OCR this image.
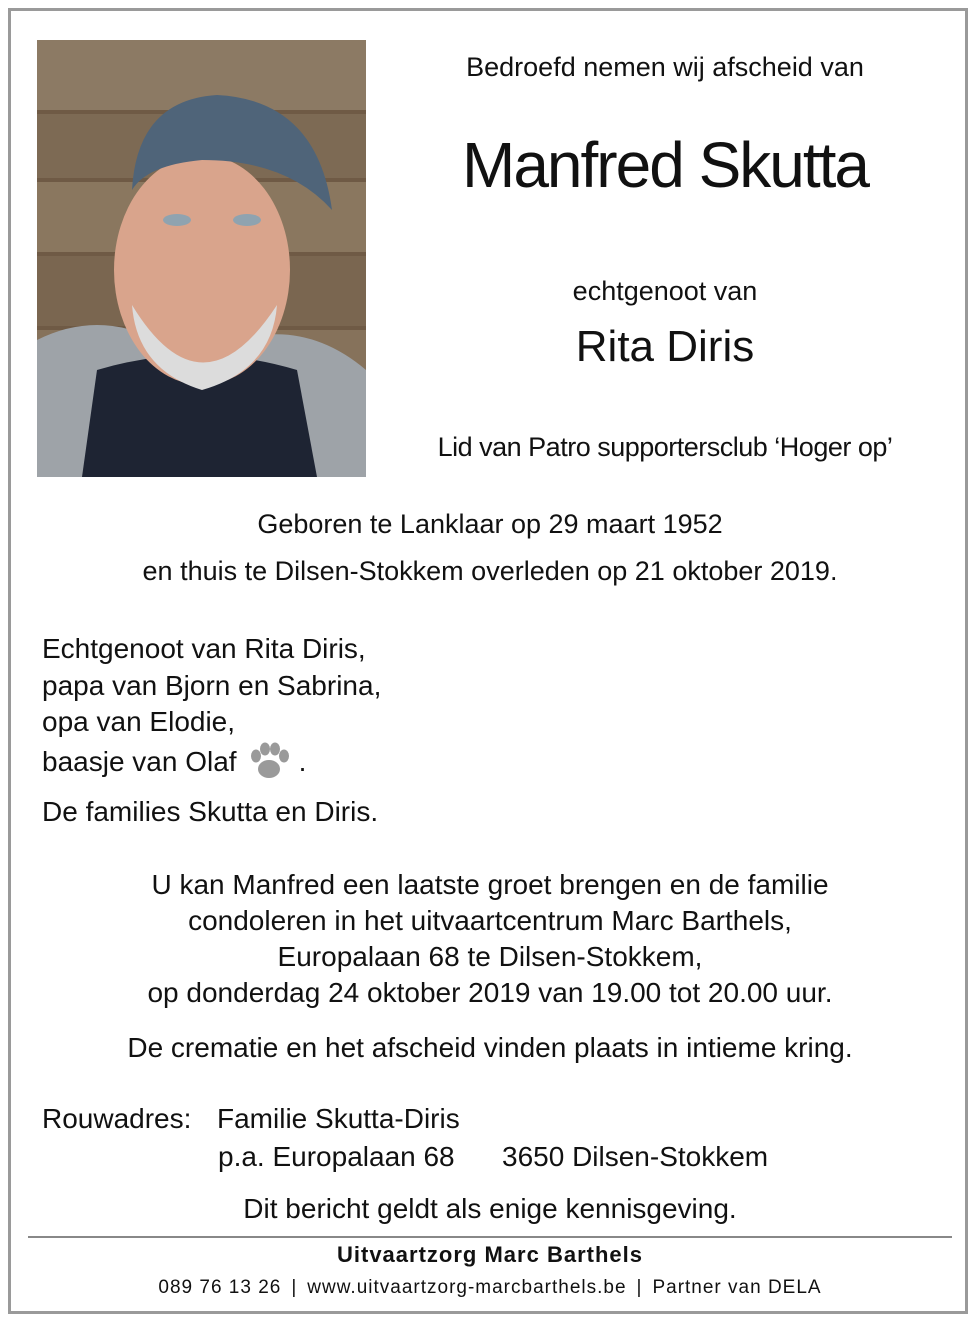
Bedroefd nemen wij afscheid van
Manfred Skutta
echtgenoot van
Rita Diris
Lid van Patro supportersclub ‘Hoger op’
Geboren te Lanklaar op 29 maart 1952
en thuis te Dilsen-Stokkem overleden op 21 oktober 2019.
Echtgenoot van Rita Diris,
papa van Bjorn en Sabrina,
opa van Elodie,
baasje van Olaf .
De families Skutta en Diris.
U kan Manfred een laatste groet brengen en de familie
condoleren in het uitvaartcentrum Marc Barthels,
Europalaan 68 te Dilsen-Stokkem,
op donderdag 24 oktober 2019 van 19.00 tot 20.00 uur.
De crematie en het afscheid vinden plaats in intieme kring.
Rouwadres: Familie Skutta-Diris
p.a. Europalaan 68 3650 Dilsen-Stokkem
Dit bericht geldt als enige kennisgeving.
Uitvaartzorg Marc Barthels
089 76 13 26 | www.uitvaartzorg-marcbarthels.be | Partner van DELA
